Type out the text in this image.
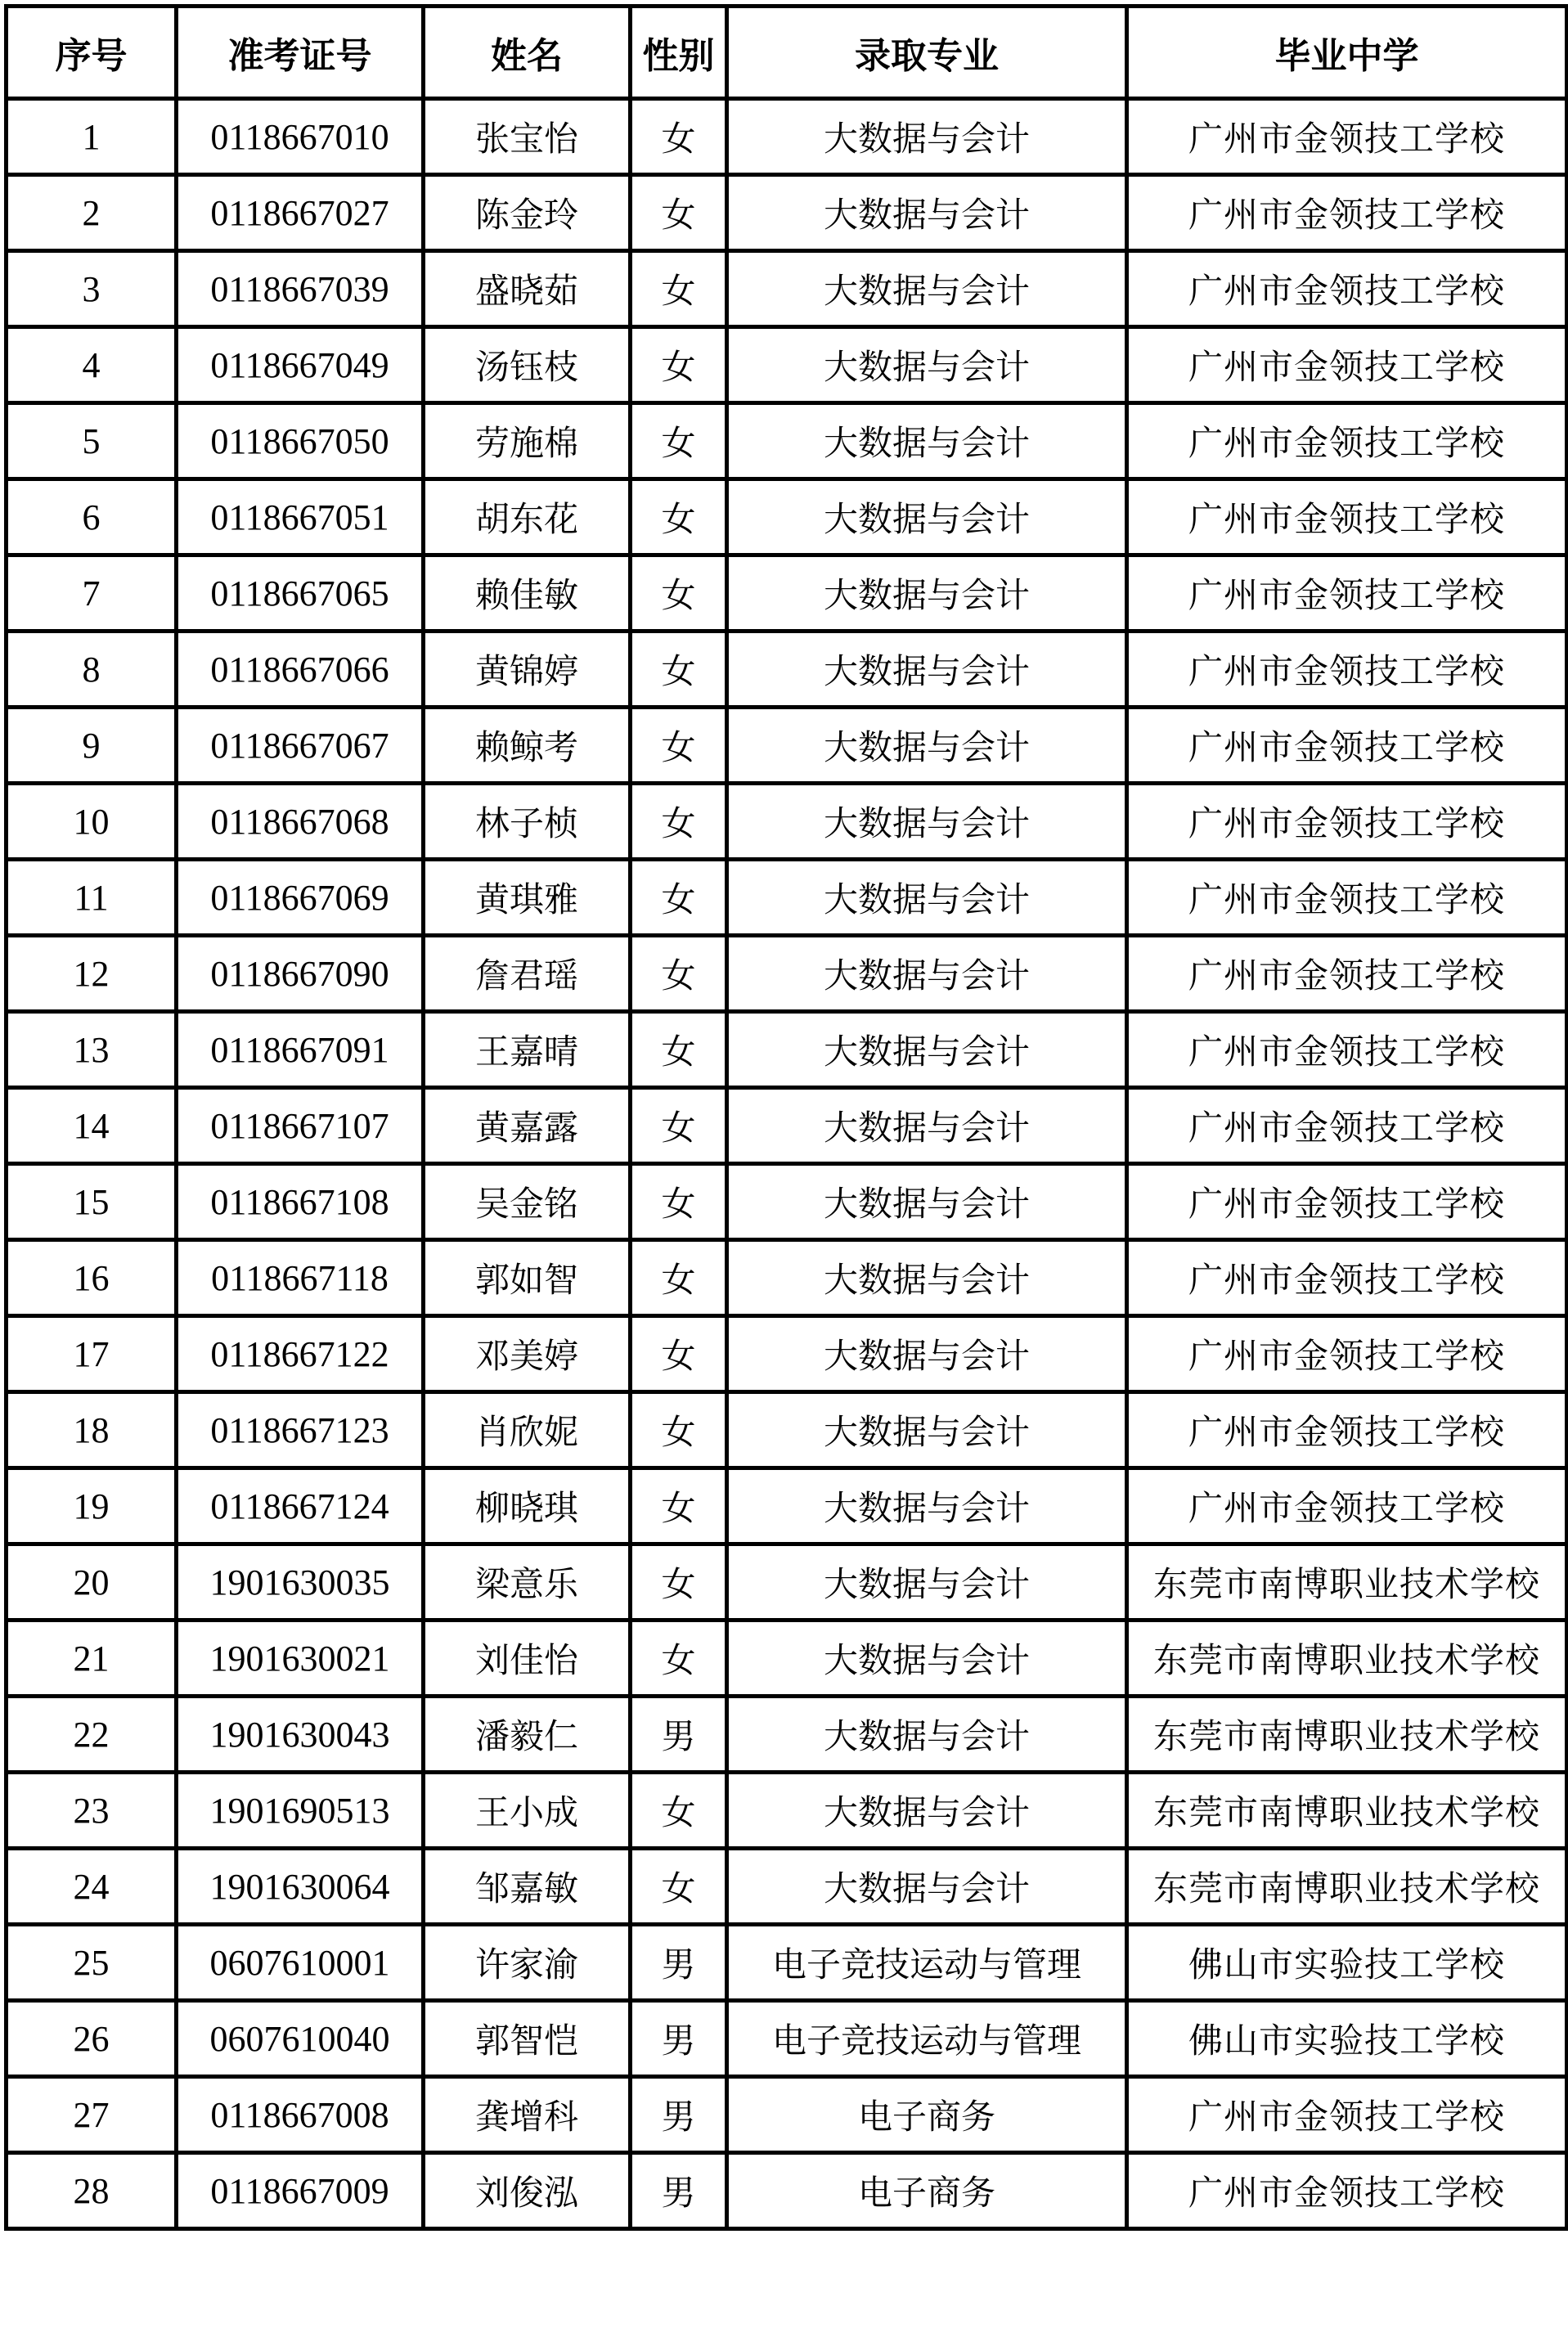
序号	准考证号	姓名	性别	录取专业	毕业中学
1	0118667010	张宝怡	女	大数据与会计	广州市金领技工学校
2	0118667027	陈金玲	女	大数据与会计	广州市金领技工学校
3	0118667039	盛晓茹	女	大数据与会计	广州市金领技工学校
4	0118667049	汤钰枝	女	大数据与会计	广州市金领技工学校
5	0118667050	劳施棉	女	大数据与会计	广州市金领技工学校
6	0118667051	胡东花	女	大数据与会计	广州市金领技工学校
7	0118667065	赖佳敏	女	大数据与会计	广州市金领技工学校
8	0118667066	黄锦婷	女	大数据与会计	广州市金领技工学校
9	0118667067	赖鲸考	女	大数据与会计	广州市金领技工学校
10	0118667068	林子桢	女	大数据与会计	广州市金领技工学校
11	0118667069	黄琪雅	女	大数据与会计	广州市金领技工学校
12	0118667090	詹君瑶	女	大数据与会计	广州市金领技工学校
13	0118667091	王嘉晴	女	大数据与会计	广州市金领技工学校
14	0118667107	黄嘉露	女	大数据与会计	广州市金领技工学校
15	0118667108	吴金铭	女	大数据与会计	广州市金领技工学校
16	0118667118	郭如智	女	大数据与会计	广州市金领技工学校
17	0118667122	邓美婷	女	大数据与会计	广州市金领技工学校
18	0118667123	肖欣妮	女	大数据与会计	广州市金领技工学校
19	0118667124	柳晓琪	女	大数据与会计	广州市金领技工学校
20	1901630035	梁意乐	女	大数据与会计	东莞市南博职业技术学校
21	1901630021	刘佳怡	女	大数据与会计	东莞市南博职业技术学校
22	1901630043	潘毅仁	男	大数据与会计	东莞市南博职业技术学校
23	1901690513	王小成	女	大数据与会计	东莞市南博职业技术学校
24	1901630064	邹嘉敏	女	大数据与会计	东莞市南博职业技术学校
25	0607610001	许家渝	男	电子竞技运动与管理	佛山市实验技工学校
26	0607610040	郭智恺	男	电子竞技运动与管理	佛山市实验技工学校
27	0118667008	龚增科	男	电子商务	广州市金领技工学校
28	0118667009	刘俊泓	男	电子商务	广州市金领技工学校
